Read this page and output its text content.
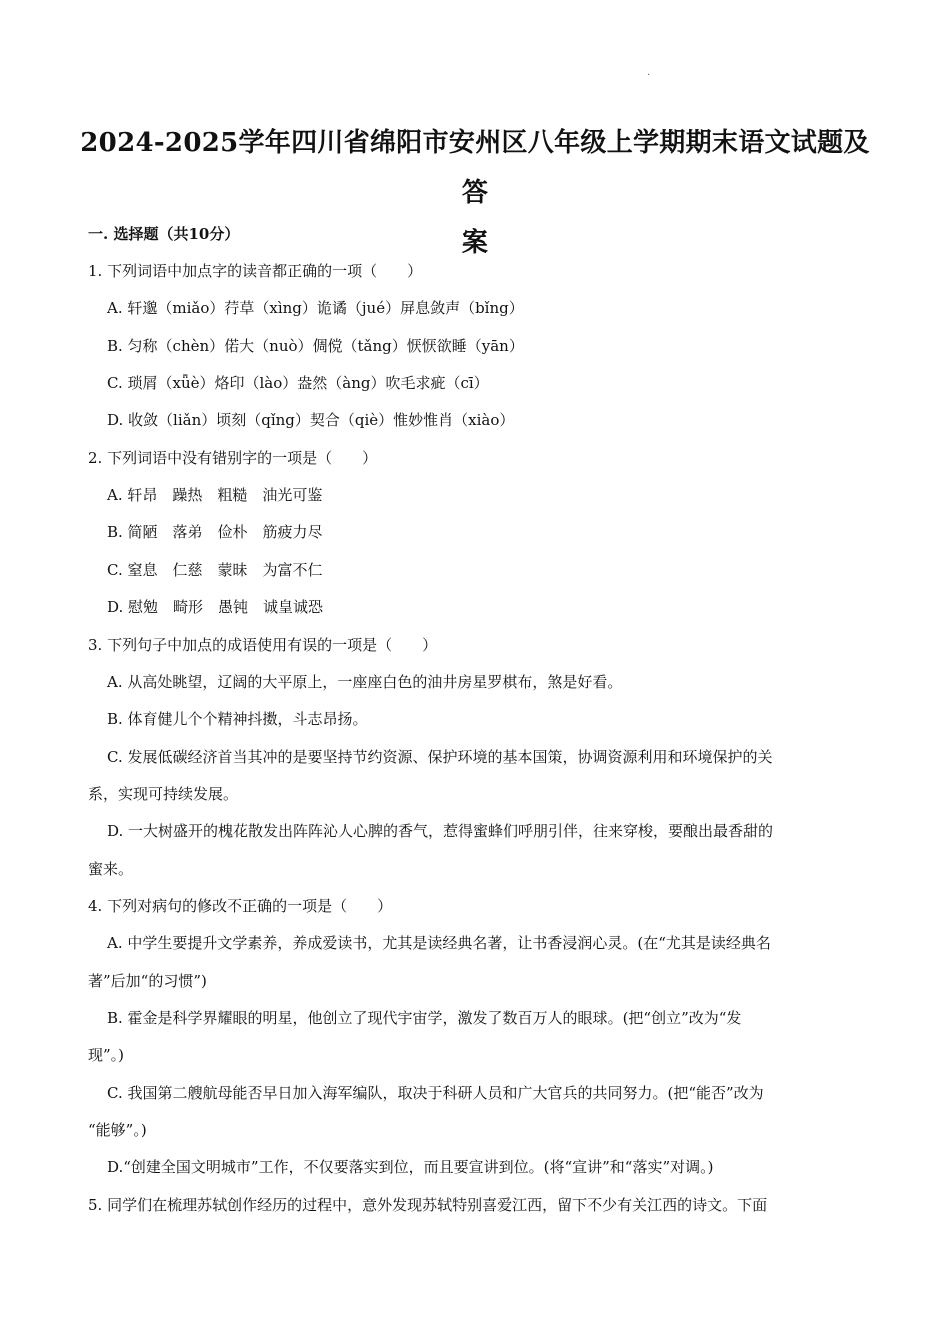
·
2024-2025学年四川省绵阳市安州区八年级上学期期末语文试题及答
案
一. 选择题（共10分）
1. 下列词语中加点字的读音都正确的一项（　　）
A. 轩邈（miǎo）荇草（xìng）诡谲（jué）屏息敛声（bǐng）
B. 匀称（chèn）偌大（nuò）倜傥（tǎng）恹恹欲睡（yān）
C. 琐屑（xǖè）烙印（lào）盎然（àng）吹毛求疵（cī）
D. 收敛（liǎn）顷刻（qǐng）契合（qiè）惟妙惟肖（xiào）
2. 下列词语中没有错别字的一项是（　　）
A. 轩昂　躁热　粗糙　油光可鉴
B. 简陋　落弟　俭朴　筋疲力尽
C. 窒息　仁慈　蒙昧　为富不仁
D. 慰勉　畸形　愚钝　诚皇诚恐
3. 下列句子中加点的成语使用有误的一项是（　　）
A. 从高处眺望，辽阔的大平原上，一座座白色的油井房星罗棋布，煞是好看。
B. 体育健儿个个精神抖擞，斗志昂扬。
C. 发展低碳经济首当其冲的是要坚持节约资源、保护环境的基本国策，协调资源利用和环境保护的关
系，实现可持续发展。
D. 一大树盛开的槐花散发出阵阵沁人心脾的香气，惹得蜜蜂们呼朋引伴，往来穿梭，要酿出最香甜的
蜜来。
4. 下列对病句的修改不正确的一项是（　　）
A. 中学生要提升文学素养，养成爱读书，尤其是读经典名著，让书香浸润心灵。(在“尤其是读经典名
著”后加“的习惯”)
B. 霍金是科学界耀眼的明星，他创立了现代宇宙学，激发了数百万人的眼球。(把“创立”改为“发
现”。)
C. 我国第二艘航母能否早日加入海军编队，取决于科研人员和广大官兵的共同努力。(把“能否”改为
“能够”。)
D.“创建全国文明城市”工作，不仅要落实到位，而且要宣讲到位。(将“宣讲”和“落实”对调。)
5. 同学们在梳理苏轼创作经历的过程中，意外发现苏轼特别喜爱江西，留下不少有关江西的诗文。下面
